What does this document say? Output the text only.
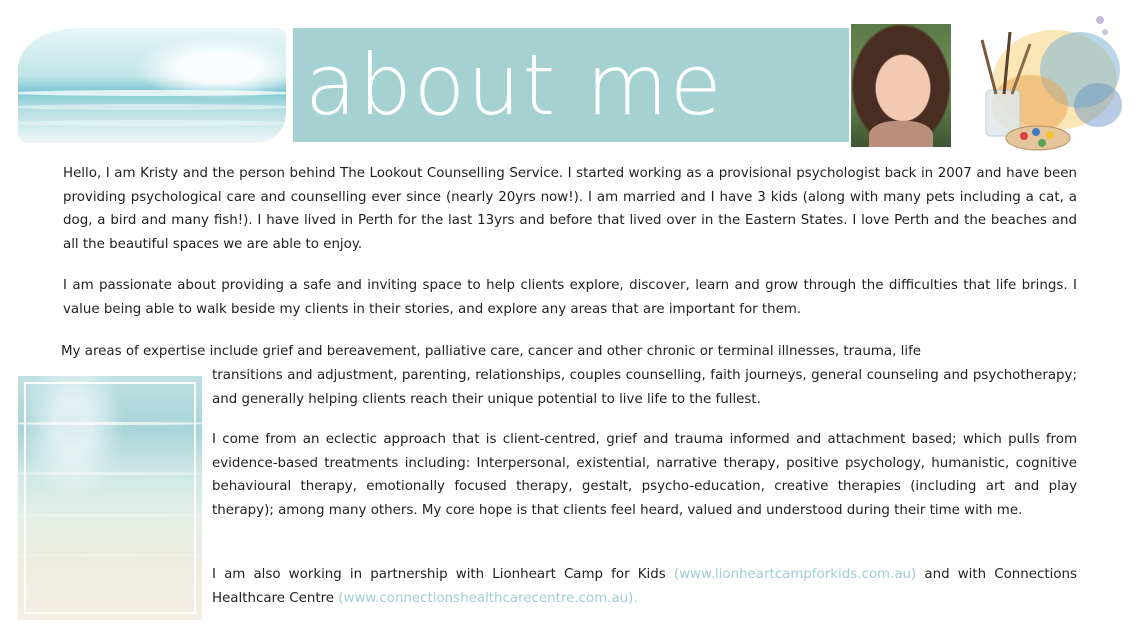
about me
Hello, I am Kristy and the person behind The Lookout Counselling Service. I started working as a provisional psychologist back in 2007 and have been providing psychological care and counselling ever since (nearly 20yrs now!). I am married and I have 3 kids (along with many pets including a cat, a dog, a bird and many fish!). I have lived in Perth for the last 13yrs and before that lived over in the Eastern States. I love Perth and the beaches and all the beautiful spaces we are able to enjoy.
I am passionate about providing a safe and inviting space to help clients explore, discover, learn and grow through the difficulties that life brings. I value being able to walk beside my clients in their stories, and explore any areas that are important for them.
My areas of expertise include grief and bereavement, palliative care, cancer and other chronic or terminal illnesses, trauma, life
transitions and adjustment, parenting, relationships, couples counselling, faith journeys, general counseling and psychotherapy; and generally helping clients reach their unique potential to live life to the fullest.
I come from an eclectic approach that is client-centred, grief and trauma informed and attachment based; which pulls from evidence-based treatments including: Interpersonal, existential, narrative therapy, positive psychology, humanistic, cognitive behavioural therapy, emotionally focused therapy, gestalt, psycho-education, creative therapies (including art and play therapy); among many others. My core hope is that clients feel heard, valued and understood during their time with me.
I am also working in partnership with Lionheart Camp for Kids (www.lionheartcampforkids.com.au) and with Connections Healthcare Centre (www.connectionshealthcarecentre.com.au).
